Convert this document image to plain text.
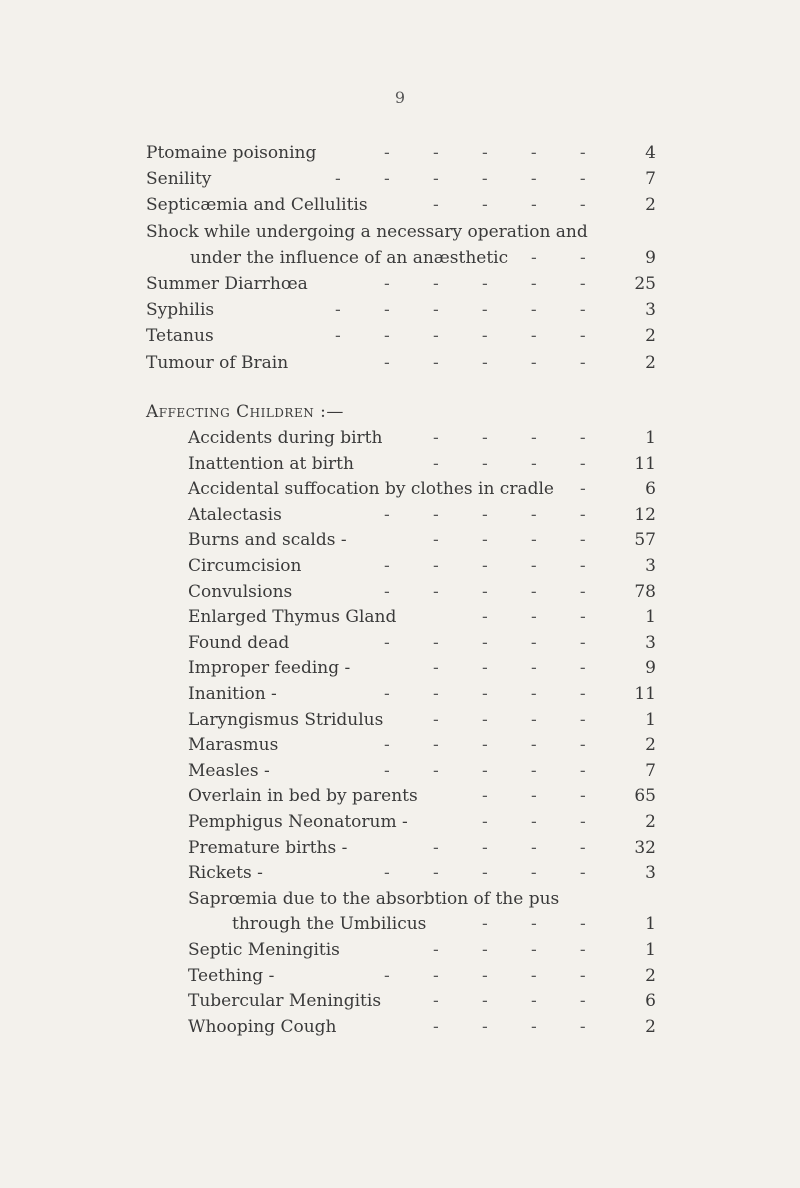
9
Ptomaine poisoning	-        -        -        -        -	4
Senility	-        -        -        -        -        -	7
Septicæmia and Cellulitis	-        -        -        -	2
Shock while undergoing a necessary operation and
under the influence of an anæsthetic -        -	9
Summer Diarrhœa	-        -        -        -        -	25
Syphilis	-        -        -        -        -        -	3
Tetanus	-        -        -        -        -        -	2
Tumour of Brain	-        -        -        -        -	2
Affecting Children :—
Accidents during birth	-        -        -        -	1
Inattention at birth	-        -        -        -	11
Accidental suffocation by clothes in cradle -	6
Atalectasis	-        -        -        -        -	12
Burns and scalds -	-        -        -        -	57
Circumcision	-        -        -        -        -	3
Convulsions	-        -        -        -        -	78
Enlarged Thymus Gland	-        -        -	1
Found dead	-        -        -        -        -	3
Improper feeding -	-        -        -        -	9
Inanition -	-        -        -        -        -	11
Laryngismus Stridulus	-        -        -        -	1
Marasmus	-        -        -        -        -	2
Measles -	-        -        -        -        -	7
Overlain in bed by parents	-        -        -	65
Pemphigus Neonatorum -	-        -        -	2
Premature births -	-        -        -        -	32
Rickets -	-        -        -        -        -	3
Saprœmia due to the absorbtion of the pus
through the Umbilicus	-        -        -	1
Septic Meningitis	-        -        -        -	1
Teething -	-        -        -        -        -	2
Tubercular Meningitis	-        -        -        -	6
Whooping Cough	-        -        -        -	2
